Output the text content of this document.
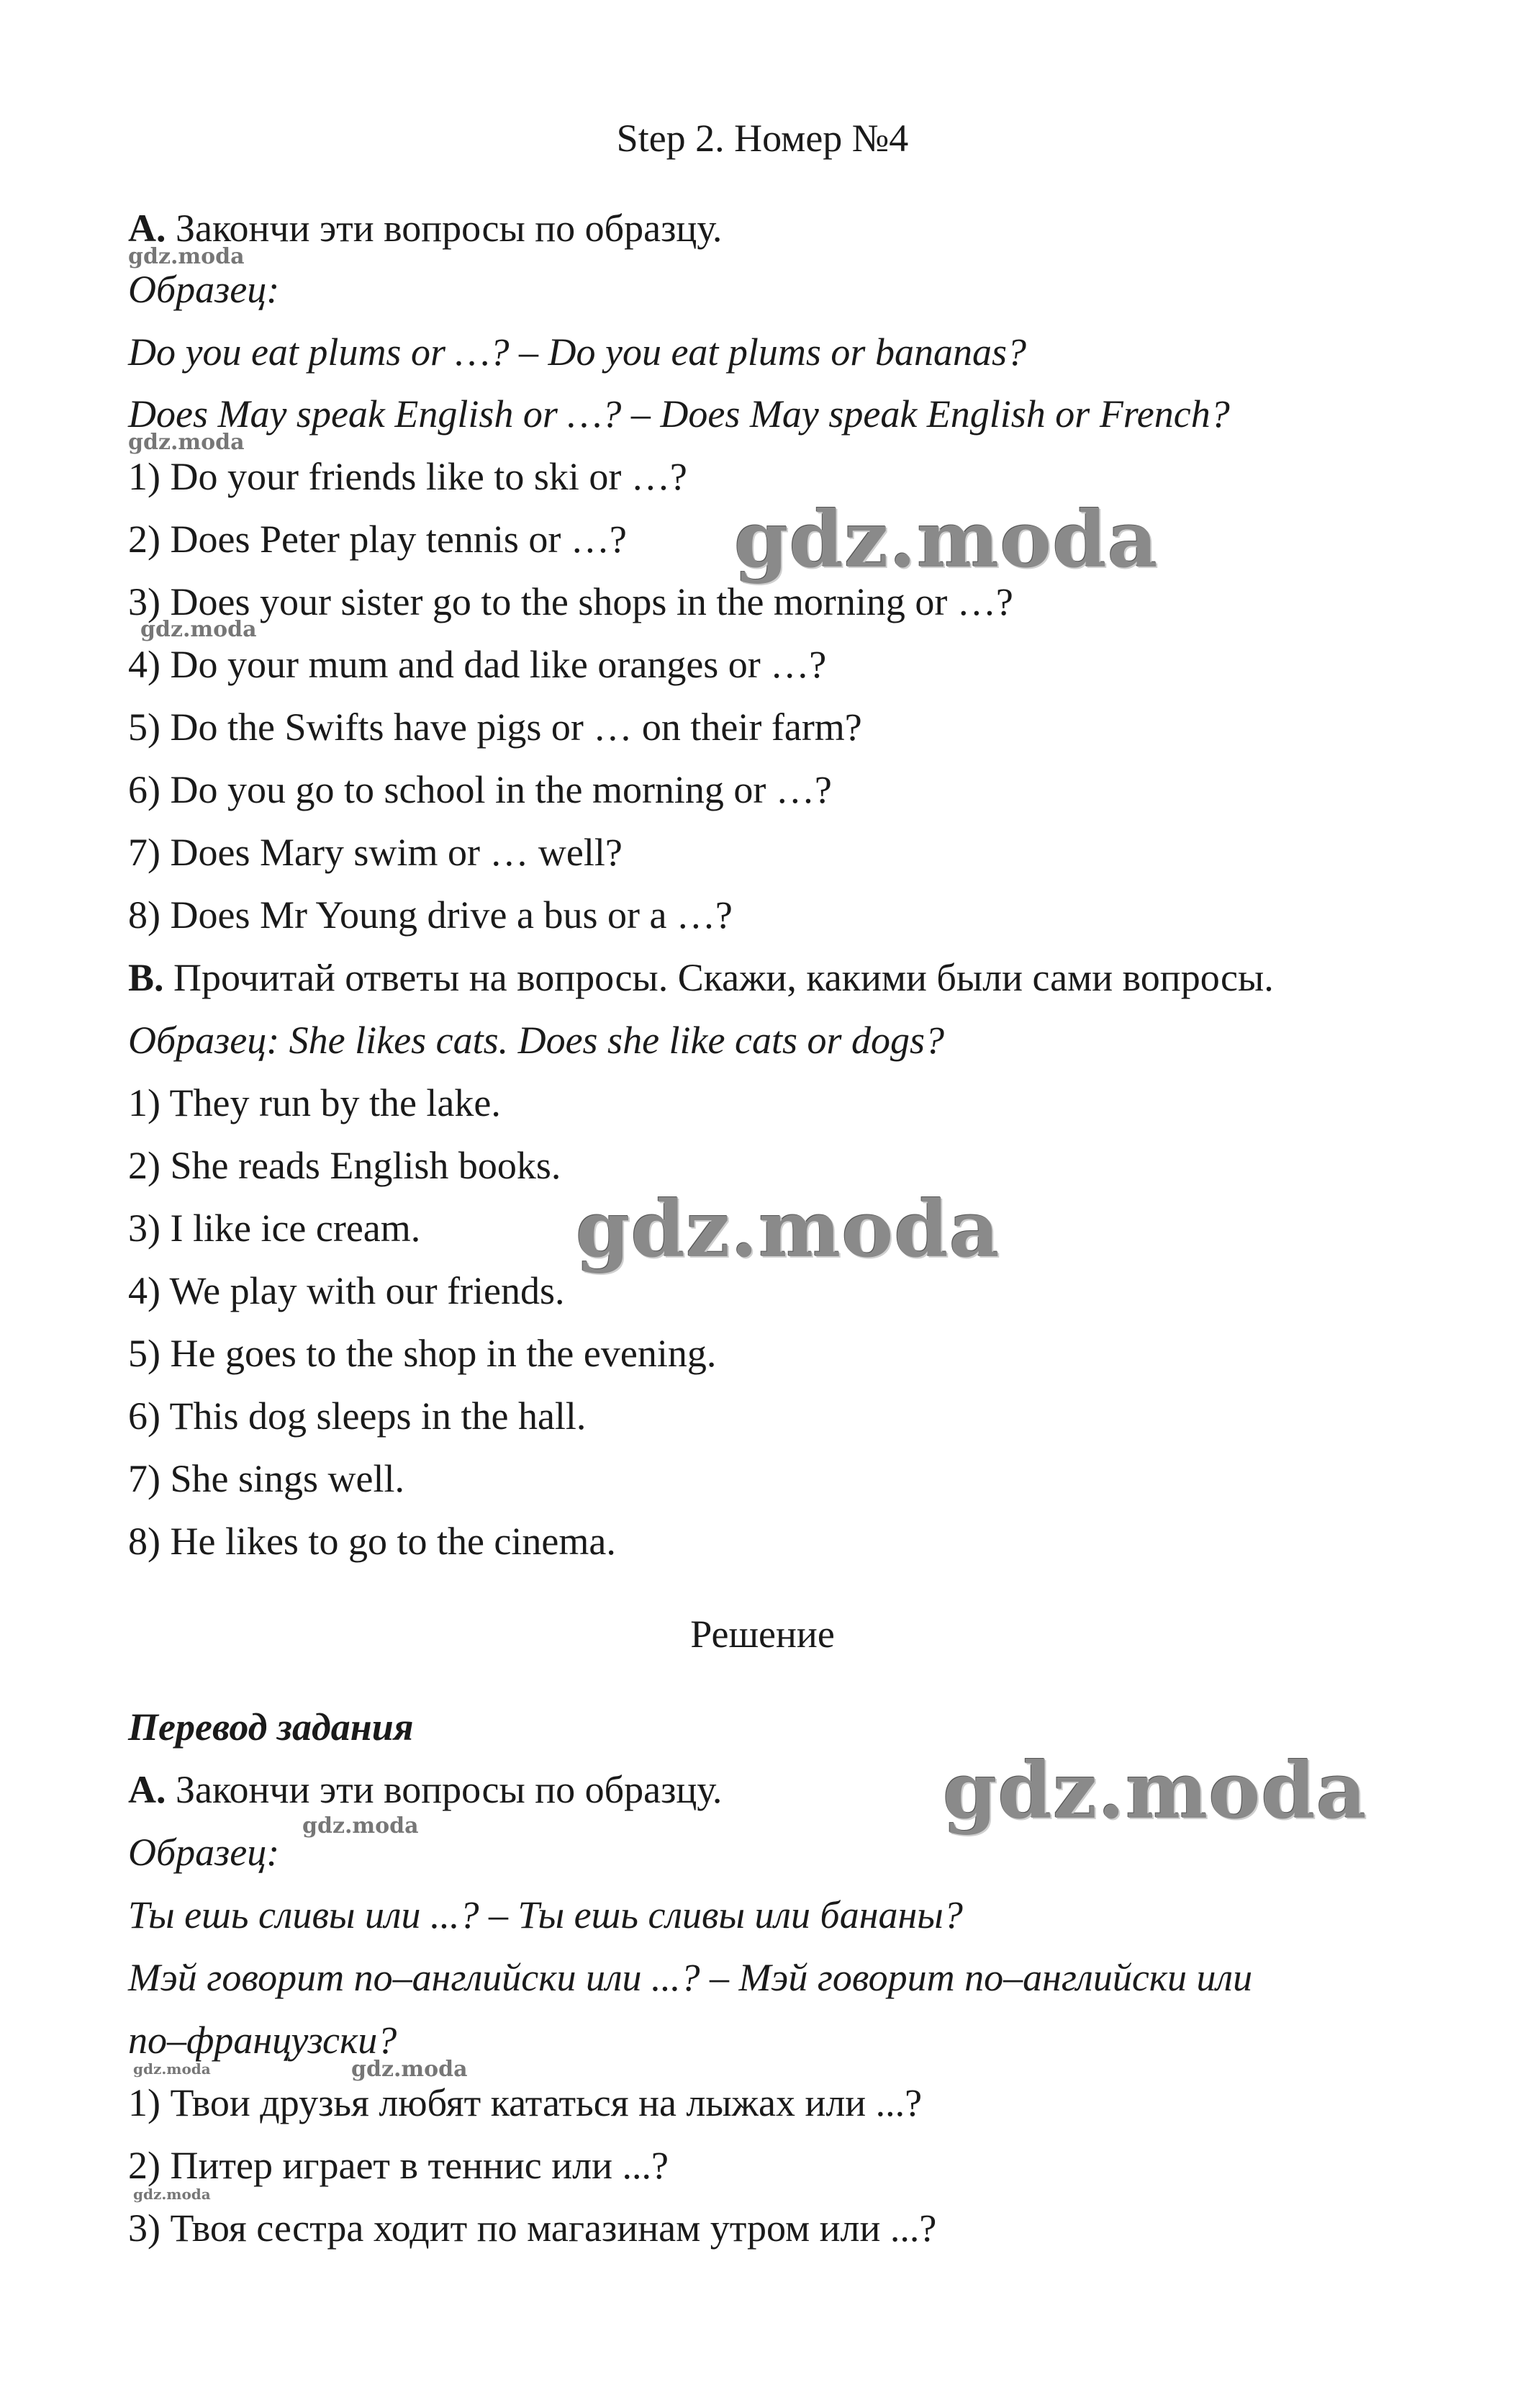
Step 2. Номер №4
A. Закончи эти вопросы по образцу.
Образец:
Do you eat plums or …? – Do you eat plums or bananas?
Does May speak English or …? – Does May speak English or French?
1) Do your friends like to ski or …?
2) Does Peter play tennis or …?
3) Does your sister go to the shops in the morning or …?
4) Do your mum and dad like oranges or …?
5) Do the Swifts have pigs or … on their farm?
6) Do you go to school in the morning or …?
7) Does Mary swim or … well?
8) Does Mr Young drive a bus or a …?
B. Прочитай ответы на вопросы. Скажи, какими были сами вопросы.
Образец: She likes cats. Does she like cats or dogs?
1) They run by the lake.
2) She reads English books.
3) I like ice cream.
4) We play with our friends.
5) He goes to the shop in the evening.
6) This dog sleeps in the hall.
7) She sings well.
8) He likes to go to the cinema.
Решение
Перевод задания
A. Закончи эти вопросы по образцу.
Образец:
Ты ешь сливы или ...? – Ты ешь сливы или бананы?
Мэй говорит по–английски или ...? – Мэй говорит по–английски или
по–французски?
1) Твои друзья любят кататься на лыжах или ...?
2) Питер играет в теннис или ...?
3) Твоя сестра ходит по магазинам утром или ...?
gdz.moda
gdz.moda
gdz.moda
gdz.moda
gdz.moda
gdz.moda
gdz.moda
gdz.moda
gdz.moda
gdz.moda
